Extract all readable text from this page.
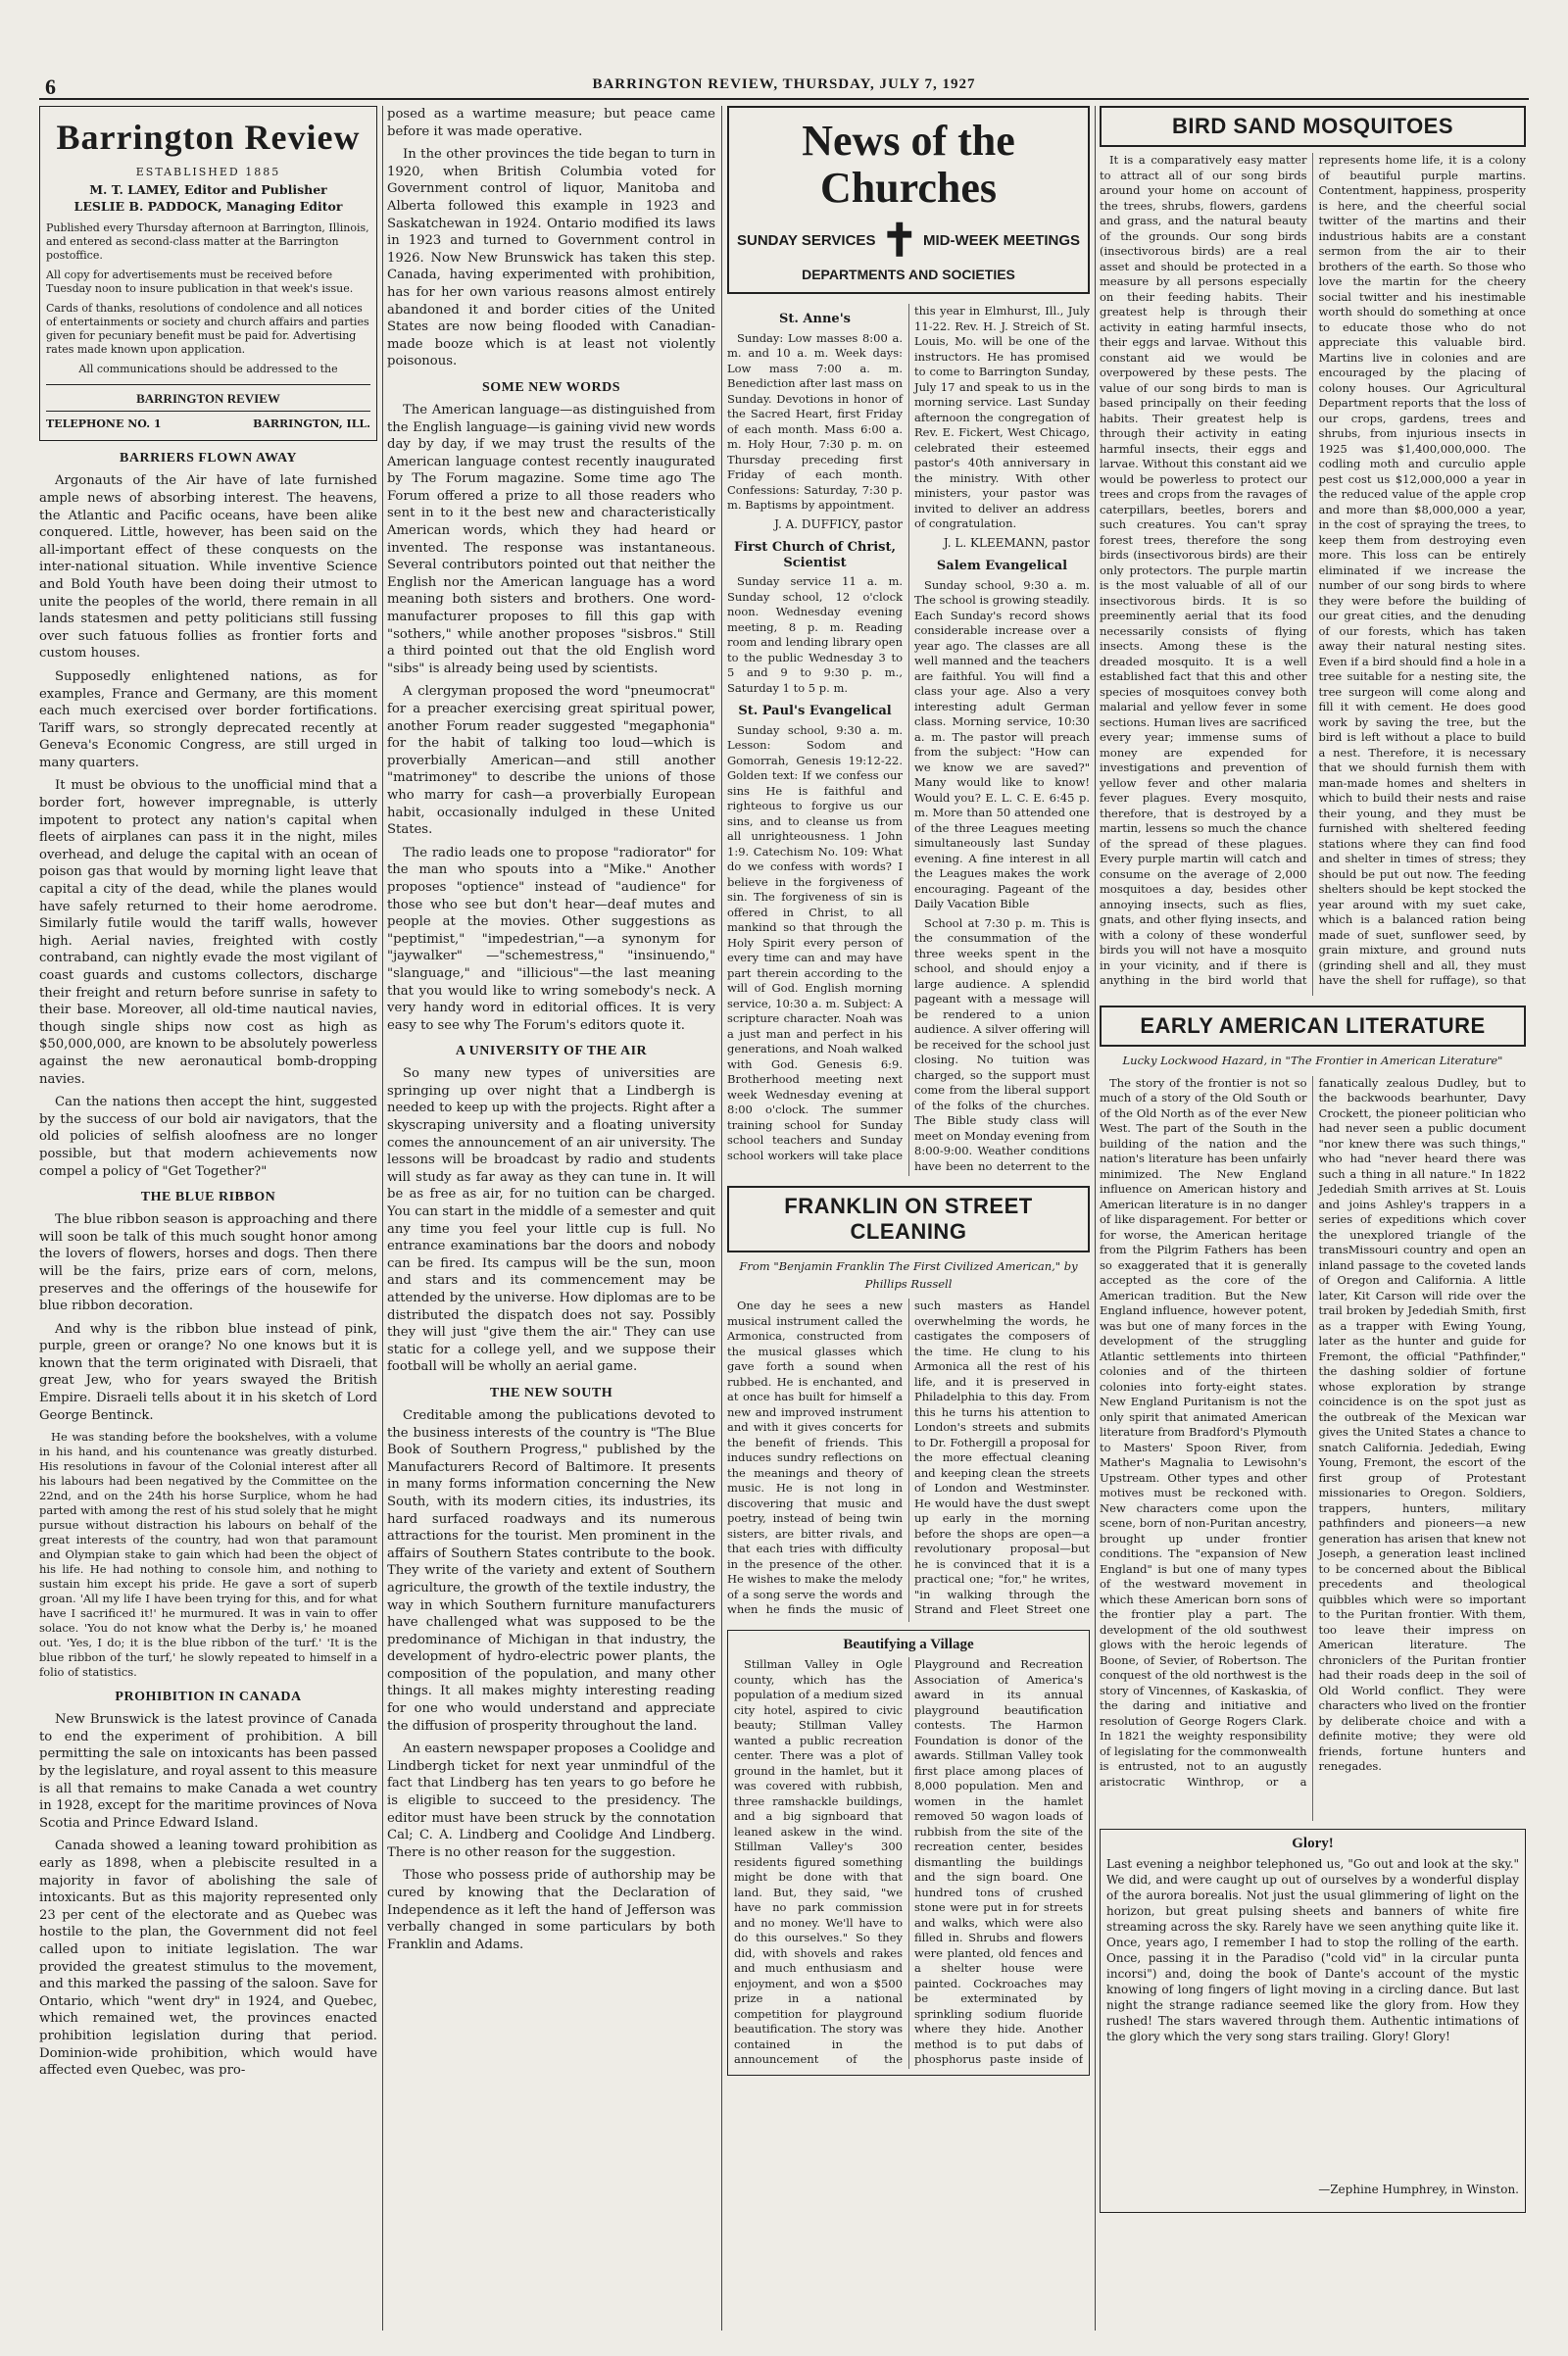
6	BARRINGTON REVIEW, THURSDAY, JULY 7, 1927
Barrington Review
ESTABLISHED 1885
M. T. LAMEY, Editor and Publisher
LESLIE B. PADDOCK, Managing Editor
Published every Thursday afternoon at Barrington, Illinois, and entered as second-class matter at the Barrington postoffice.
All copy for advertisements must be received before Tuesday noon to insure publication in that week's issue.
Cards of thanks, resolutions of condolence and all notices of entertainments or society and church affairs and parties given for pecuniary benefit must be paid for. Advertising rates made known upon application.
All communications should be addressed to the
BARRINGTON REVIEW
TELEPHONE NO. 1	BARRINGTON, ILL.
BARRIERS FLOWN AWAY

Argonauts of the Air have of late furnished ample news of absorbing interest. The heavens, the Atlantic and Pacific oceans, have been alike conquered. Little, however, has been said on the all-important effect of these conquests on the inter-national situation. While inventive Science and Bold Youth have been doing their utmost to unite the peoples of the world, there remain in all lands statesmen and petty politicians still fussing over such fatuous follies as frontier forts and custom houses.

Supposedly enlightened nations, as for examples, France and Germany, are this moment each much exercised over border fortifications. Tariff wars, so strongly deprecated recently at Geneva's Economic Congress, are still urged in many quarters.

It must be obvious to the unofficial mind that a border fort, however impregnable, is utterly impotent to protect any nation's capital when fleets of airplanes can pass it in the night, miles overhead, and deluge the capital with an ocean of poison gas that would by morning light leave that capital a city of the dead, while the planes would have safely returned to their home aerodrome. Similarly futile would the tariff walls, however high. Aerial navies, freighted with costly contraband, can nightly evade the most vigilant of coast guards and customs collectors, discharge their freight and return before sunrise in safety to their base. Moreover, all old-time nautical navies, though single ships now cost as high as $50,000,000, are known to be absolutely powerless against the new aeronautical bomb-dropping navies.

Can the nations then accept the hint, suggested by the success of our bold air navigators, that the old policies of selfish aloofness are no longer possible, but that modern achievements now compel a policy of "Get Together?"

THE BLUE RIBBON

The blue ribbon season is approaching and there will soon be talk of this much sought honor among the lovers of flowers, horses and dogs. Then there will be the fairs, prize ears of corn, melons, preserves and the offerings of the housewife for blue ribbon decoration.

And why is the ribbon blue instead of pink, purple, green or orange? No one knows but it is known that the term originated with Disraeli, that great Jew, who for years swayed the British Empire. Disraeli tells about it in his sketch of Lord George Bentinck.

He was standing before the bookshelves, with a volume in his hand, and his countenance was greatly disturbed. His resolutions in favour of the Colonial interest after all his labours had been negatived by the Committee on the 22nd, and on the 24th his horse Surplice, whom he had parted with among the rest of his stud solely that he might pursue without distraction his labours on behalf of the great interests of the country, had won that paramount and Olympian stake to gain which had been the object of his life. He had nothing to console him, and nothing to sustain him except his pride. He gave a sort of superb groan. 'All my life I have been trying for this, and for what have I sacrificed it!' he murmured. It was in vain to offer solace. 'You do not know what the Derby is,' he moaned out. 'Yes, I do; it is the blue ribbon of the turf.' 'It is the blue ribbon of the turf,' he slowly repeated to himself in a folio of statistics.

PROHIBITION IN CANADA

New Brunswick is the latest province of Canada to end the experiment of prohibition. A bill permitting the sale on intoxicants has been passed by the legislature, and royal assent to this measure is all that remains to make Canada a wet country in 1928, except for the maritime provinces of Nova Scotia and Prince Edward Island.

Canada showed a leaning toward prohibition as early as 1898, when a plebiscite resulted in a majority in favor of abolishing the sale of intoxicants. But as this majority represented only 23 per cent of the electorate and as Quebec was hostile to the plan, the Government did not feel called upon to initiate legislation. The war provided the greatest stimulus to the movement, and this marked the passing of the saloon. Save for Ontario, which "went dry" in 1924, and Quebec, which remained wet, the provinces enacted prohibition legislation during that period. Dominion-wide prohibition, which would have affected even Quebec, was pro-

posed as a wartime measure; but peace came before it was made operative.

In the other provinces the tide began to turn in 1920, when British Columbia voted for Government control of liquor, Manitoba and Alberta followed this example in 1923 and Saskatchewan in 1924. Ontario modified its laws in 1923 and turned to Government control in 1926. Now New Brunswick has taken this step. Canada, having experimented with prohibition, has for her own various reasons almost entirely abandoned it and border cities of the United States are now being flooded with Canadian-made booze which is at least not violently poisonous.

SOME NEW WORDS

The American language—as distinguished from the English language—is gaining vivid new words day by day, if we may trust the results of the American language contest recently inaugurated by The Forum magazine. Some time ago The Forum offered a prize to all those readers who sent in to it the best new and characteristically American words, which they had heard or invented. The response was instantaneous. Several contributors pointed out that neither the English nor the American language has a word meaning both sisters and brothers. One word-manufacturer proposes to fill this gap with "sothers," while another proposes "sisbros." Still a third pointed out that the old English word "sibs" is already being used by scientists.

A clergyman proposed the word "pneumocrat" for a preacher exercising great spiritual power, another Forum reader suggested "megaphonia" for the habit of talking too loud—which is proverbially American—and still another "matrimoney" to describe the unions of those who marry for cash—a proverbially European habit, occasionally indulged in these United States.

The radio leads one to propose "radiorator" for the man who spouts into a "Mike." Another proposes "optience" instead of "audience" for those who see but don't hear—deaf mutes and people at the movies. Other suggestions as "peptimist," "impedestrian,"—a synonym for "jaywalker" —"schemestress," "insinuendo," "slanguage," and "illicious"—the last meaning that you would like to wring somebody's neck. A very handy word in editorial offices. It is very easy to see why The Forum's editors quote it.

A UNIVERSITY OF THE AIR

So many new types of universities are springing up over night that a Lindbergh is needed to keep up with the projects. Right after a skyscraping university and a floating university comes the announcement of an air university. The lessons will be broadcast by radio and students will study as far away as they can tune in. It will be as free as air, for no tuition can be charged. You can start in the middle of a semester and quit any time you feel your little cup is full. No entrance examinations bar the doors and nobody can be fired. Its campus will be the sun, moon and stars and its commencement may be attended by the universe. How diplomas are to be distributed the dispatch does not say. Possibly they will just "give them the air." They can use static for a college yell, and we suppose their football will be wholly an aerial game.

THE NEW SOUTH

Creditable among the publications devoted to the business interests of the country is "The Blue Book of Southern Progress," published by the Manufacturers Record of Baltimore. It presents in many forms information concerning the New South, with its modern cities, its industries, its hard surfaced roadways and its numerous attractions for the tourist. Men prominent in the affairs of Southern States contribute to the book. They write of the variety and extent of Southern agriculture, the growth of the textile industry, the way in which Southern furniture manufacturers have challenged what was supposed to be the predominance of Michigan in that industry, the development of hydro-electric power plants, the composition of the population, and many other things. It all makes mighty interesting reading for one who would understand and appreciate the diffusion of prosperity throughout the land.

An eastern newspaper proposes a Coolidge and Lindbergh ticket for next year unmindful of the fact that Lindberg has ten years to go before he is eligible to succeed to the presidency. The editor must have been struck by the connotation Cal; C. A. Lindberg and Coolidge And Lindberg. There is no other reason for the suggestion.

Those who possess pride of authorship may be cured by knowing that the Declaration of Independence as it left the hand of Jefferson was verbally changed in some particulars by both Franklin and Adams.

News of the Churches
SUNDAY SERVICES ✝ MID-WEEK MEETINGS
DEPARTMENTS AND SOCIETIES
St. Anne's

Sunday: Low masses 8:00 a. m. and 10 a. m. Week days: Low mass 7:00 a. m. Benediction after last mass on Sunday. Devotions in honor of the Sacred Heart, first Friday of each month. Mass 6:00 a. m. Holy Hour, 7:30 p. m. on Thursday preceding first Friday of each month. Confessions: Saturday, 7:30 p. m. Baptisms by appointment.

J. A. DUFFICY, pastor
First Church of Christ, Scientist

Sunday service 11 a. m. Sunday school, 12 o'clock noon. Wednesday evening meeting, 8 p. m. Reading room and lending library open to the public Wednesday 3 to 5 and 9 to 9:30 p. m., Saturday 1 to 5 p. m.

St. Paul's Evangelical

Sunday school, 9:30 a. m. Lesson: Sodom and Gomorrah, Genesis 19:12-22. Golden text: If we confess our sins He is faithful and righteous to forgive us our sins, and to cleanse us from all unrighteousness. 1 John 1:9. Catechism No. 109: What do we confess with words? I believe in the forgiveness of sin. The forgiveness of sin is offered in Christ, to all mankind so that through the Holy Spirit every person of every time can and may have part therein according to the will of God. English morning service, 10:30 a. m. Subject: A scripture character. Noah was a just man and perfect in his generations, and Noah walked with God. Genesis 6:9. Brotherhood meeting next week Wednesday evening at 8:00 o'clock. The summer training school for Sunday school teachers and Sunday school workers will take place this year in Elmhurst, Ill., July 11-22. Rev. H. J. Streich of St. Louis, Mo. will be one of the instructors. He has promised to come to Barrington Sunday, July 17 and speak to us in the morning service. Last Sunday afternoon the congregation of Rev. E. Fickert, West Chicago, celebrated their esteemed pastor's 40th anniversary in the ministry. With other ministers, your pastor was invited to deliver an address of congratulation.

J. L. KLEEMANN, pastor
Salem Evangelical

Sunday school, 9:30 a. m. The school is growing steadily. Each Sunday's record shows considerable increase over a year ago. The classes are all well manned and the teachers are faithful. You will find a class your age. Also a very interesting adult German class. Morning service, 10:30 a. m. The pastor will preach from the subject: "How can we know we are saved?" Many would like to know! Would you? E. L. C. E. 6:45 p. m. More than 50 attended one of the three Leagues meeting simultaneously last Sunday evening. A fine interest in all the Leagues makes the work encouraging. Pageant of the Daily Vacation Bible

School at 7:30 p. m. This is the consummation of the three weeks spent in the school, and should enjoy a large audience. A splendid pageant with a message will be rendered to a union audience. A silver offering will be received for the school just closing. No tuition was charged, so the support must come from the liberal support of the folks of the churches. The Bible study class will meet on Monday evening from 8:00-9:00. Weather conditions have been no deterrent to the

FRANKLIN ON STREET CLEANING
From "Benjamin Franklin The First Civilized American," by Phillips Russell

One day he sees a new musical instrument called the Armonica, constructed from the musical glasses which gave forth a sound when rubbed. He is enchanted, and at once has built for himself a new and improved instrument and with it gives concerts for the benefit of friends. This induces sundry reflections on the meanings and theory of music. He is not long in discovering that music and poetry, instead of being twin sisters, are bitter rivals, and that each tries with difficulty in the presence of the other. He wishes to make the melody of a song serve the words and when he finds the music of such masters as Handel overwhelming the words, he castigates the composers of the time. He clung to his Armonica all the rest of his life, and it is preserved in Philadelphia to this day. From this he turns his attention to London's streets and submits to Dr. Fothergill a proposal for the more effectual cleaning and keeping clean the streets of London and Westminster. He would have the dust swept up early in the morning before the shops are open—a revolutionary proposal—but he is convinced that it is a practical one; "for," he writes, "in walking through the Strand and Fleet Street one

Beautifying a Village

Stillman Valley in Ogle county, which has the population of a medium sized city hotel, aspired to civic beauty; Stillman Valley wanted a public recreation center. There was a plot of ground in the hamlet, but it was covered with rubbish, three ramshackle buildings, and a big signboard that leaned askew in the wind. Stillman Valley's 300 residents figured something might be done with that land. But, they said, "we have no park commission and no money. We'll have to do this ourselves." So they did, with shovels and rakes and much enthusiasm and enjoyment, and won a $500 prize in a national competition for playground beautification. The story was contained in the announcement of the Playground and Recreation Association of America's award in its annual playground beautification contests. The Harmon Foundation is donor of the awards. Stillman Valley took first place among places of 8,000 population. Men and women in the hamlet removed 50 wagon loads of rubbish from the site of the recreation center, besides dismantling the buildings and the sign board. One hundred tons of crushed stone were put in for streets and walks, which were also filled in. Shrubs and flowers were planted, old fences and a shelter house were painted. Cockroaches may be exterminated by sprinkling sodium fluoride where they hide. Another method is to put dabs of phosphorus paste inside of

BIRD SAND MOSQUITOES

It is a comparatively easy matter to attract all of our song birds around your home on account of the trees, shrubs, flowers, gardens and grass, and the natural beauty of the grounds. Our song birds (insectivorous birds) are a real asset and should be protected in a measure by all persons especially on their feeding habits. Their greatest help is through their activity in eating harmful insects, their eggs and larvae. Without this constant aid we would be overpowered by these pests. The value of our song birds to man is based principally on their feeding habits. Their greatest help is through their activity in eating harmful insects, their eggs and larvae. Without this constant aid we would be powerless to protect our trees and crops from the ravages of caterpillars, beetles, borers and such creatures. You can't spray forest trees, therefore the song birds (insectivorous birds) are their only protectors. The purple martin is the most valuable of all of our insectivorous birds. It is so preeminently aerial that its food necessarily consists of flying insects. Among these is the dreaded mosquito. It is a well established fact that this and other species of mosquitoes convey both malarial and yellow fever in some sections. Human lives are sacrificed every year; immense sums of money are expended for investigations and prevention of yellow fever and other malaria fever plagues. Every mosquito, therefore, that is destroyed by a martin, lessens so much the chance of the spread of these plagues. Every purple martin will catch and consume on the average of 2,000 mosquitoes a day, besides other annoying insects, such as flies, gnats, and other flying insects, and with a colony of these wonderful birds you will not have a mosquito in your vicinity, and if there is anything in the bird world that represents home life, it is a colony of beautiful purple martins. Contentment, happiness, prosperity is here, and the cheerful social twitter of the martins and their industrious habits are a constant sermon from the air to their brothers of the earth. So those who love the martin for the cheery social twitter and his inestimable worth should do something at once to educate those who do not appreciate this valuable bird. Martins live in colonies and are encouraged by the placing of colony houses. Our Agricultural Department reports that the loss of our crops, gardens, trees and shrubs, from injurious insects in 1925 was $1,400,000,000. The codling moth and curculio apple pest cost us $12,000,000 a year in the reduced value of the apple crop and more than $8,000,000 a year, in the cost of spraying the trees, to keep them from destroying even more. This loss can be entirely eliminated if we increase the number of our song birds to where they were before the building of our great cities, and the denuding of our forests, which has taken away their natural nesting sites. Even if a bird should find a hole in a tree suitable for a nesting site, the tree surgeon will come along and fill it with cement. He does good work by saving the tree, but the bird is left without a place to build a nest. Therefore, it is necessary that we should furnish them with man-made homes and shelters in which to build their nests and raise their young, and they must be furnished with sheltered feeding stations where they can find food and shelter in times of stress; they should be put out now. The feeding shelters should be kept stocked the year around with my suet cake, which is a balanced ration being made of suet, sunflower seed, by grain mixture, and ground nuts (grinding shell and all, they must have the shell for ruffage), so that

EARLY AMERICAN LITERATURE
Lucky Lockwood Hazard, in "The Frontier in American Literature"

The story of the frontier is not so much of a story of the Old South or of the Old North as of the ever New West. The part of the South in the building of the nation and the nation's literature has been unfairly minimized. The New England influence on American history and American literature is in no danger of like disparagement. For better or for worse, the American heritage from the Pilgrim Fathers has been so exaggerated that it is generally accepted as the core of the American tradition. But the New England influence, however potent, was but one of many forces in the development of the struggling Atlantic settlements into thirteen colonies and of the thirteen colonies into forty-eight states. New England Puritanism is not the only spirit that animated American literature from Bradford's Plymouth to Masters' Spoon River, from Mather's Magnalia to Lewisohn's Upstream. Other types and other motives must be reckoned with. New characters come upon the scene, born of non-Puritan ancestry, brought up under frontier conditions. The "expansion of New England" is but one of many types of the westward movement in which these American born sons of the frontier play a part. The development of the old southwest glows with the heroic legends of Boone, of Sevier, of Robertson. The conquest of the old northwest is the story of Vincennes, of Kaskaskia, of the daring and initiative and resolution of George Rogers Clark. In 1821 the weighty responsibility of legislating for the commonwealth is entrusted, not to an augustly aristocratic Winthrop, or a fanatically zealous Dudley, but to the backwoods bearhunter, Davy Crockett, the pioneer politician who had never seen a public document "nor knew there was such things," who had "never heard there was such a thing in all nature." In 1822 Jedediah Smith arrives at St. Louis and joins Ashley's trappers in a series of expeditions which cover the unexplored triangle of the transMissouri country and open an inland passage to the coveted lands of Oregon and California. A little later, Kit Carson will ride over the trail broken by Jedediah Smith, first as a trapper with Ewing Young, later as the hunter and guide for Fremont, the official "Pathfinder," the dashing soldier of fortune whose exploration by strange coincidence is on the spot just as the outbreak of the Mexican war gives the United States a chance to snatch California. Jedediah, Ewing Young, Fremont, the escort of the first group of Protestant missionaries to Oregon. Soldiers, trappers, hunters, military pathfinders and pioneers—a new generation has arisen that knew not Joseph, a generation least inclined to be concerned about the Biblical precedents and theological quibbles which were so important to the Puritan frontier. With them, too leave their impress on American literature. The chroniclers of the Puritan frontier had their roads deep in the soil of Old World conflict. They were characters who lived on the frontier by deliberate choice and with a definite motive; they were old friends, fortune hunters and renegades.

Glory!
Last evening a neighbor telephoned us, "Go out and look at the sky." We did, and were caught up out of ourselves by a wonderful display of the aurora borealis. Not just the usual glimmering of light on the horizon, but great pulsing sheets and banners of white fire streaming across the sky. Rarely have we seen anything quite like it. Once, years ago, I remember I had to stop the rolling of the earth. Once, passing it in the Paradiso ("cold vid" in la circular punta incorsi") and, doing the book of Dante's account of the mystic knowing of long fingers of light moving in a circling dance. But last night the strange radiance seemed like the glory from. How they rushed! The stars wavered through them. Authentic intimations of the glory which the very song stars trailing. Glory! Glory!
—Zephine Humphrey, in Winston.
